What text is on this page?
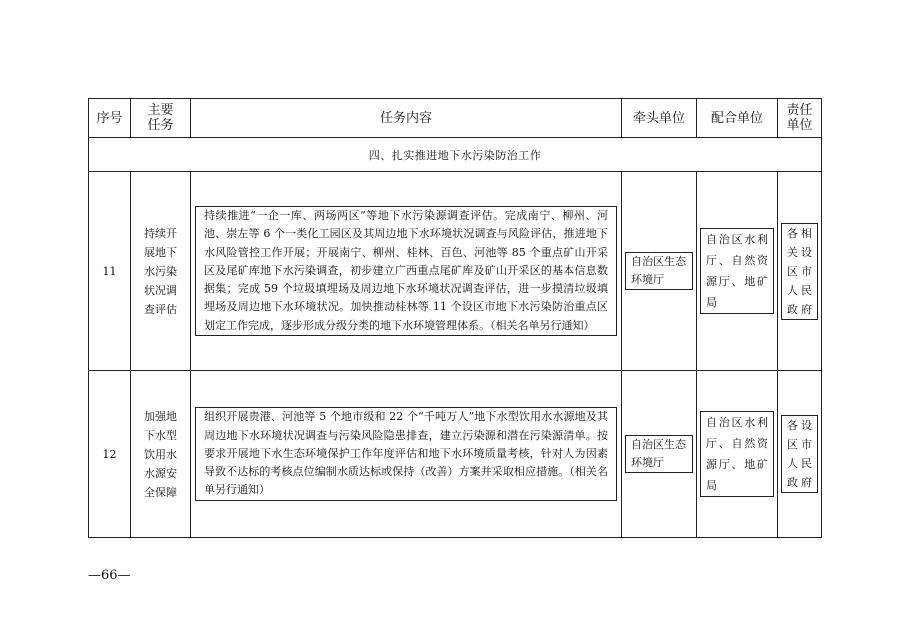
序号	主要任务	任务内容	牵头单位	配合单位	责任单位

四、扎实推进地下水污染防治工作					
11	持续开展地下水污染状况调查评估	持续推进“一企一库、两场两区”等地下水污染源调查评估。完成南宁、柳州、河池、崇左等 6 个一类化工园区及其周边地下水环境状况调查与风险评估，推进地下水风险管控工作开展；开展南宁、柳州、桂林、百色、河池等 85 个重点矿山开采区及尾矿库地下水污染调查，初步建立广西重点尾矿库及矿山开采区的基本信息数据集；完成 59 个垃圾填埋场及周边地下水环境状况调查评估，进一步摸清垃圾填埋场及周边地下水环境状况。加快推动桂林等 11 个设区市地下水污染防治重点区划定工作完成，逐步形成分级分类的地下水环境管理体系。（相关名单另行通知）	自治区生态环境厅	自治区水利厅、自然资源厅、地矿局	各相关设区市人民政府

12	加强地下水型饮用水水源安全保障	组织开展贵港、河池等 5 个地市级和 22 个“千吨万人”地下水型饮用水水源地及其周边地下水环境状况调查与污染风险隐患排查，建立污染源和潜在污染源清单。按要求开展地下水生态环境保护工作年度评估和地下水环境质量考核，针对人为因素导致不达标的考核点位编制水质达标或保持（改善）方案并采取相应措施。（相关名单另行通知）	自治区生态环境厅	自治区水利厅、自然资源厅、地矿局	各设区市人民政府
—66—
